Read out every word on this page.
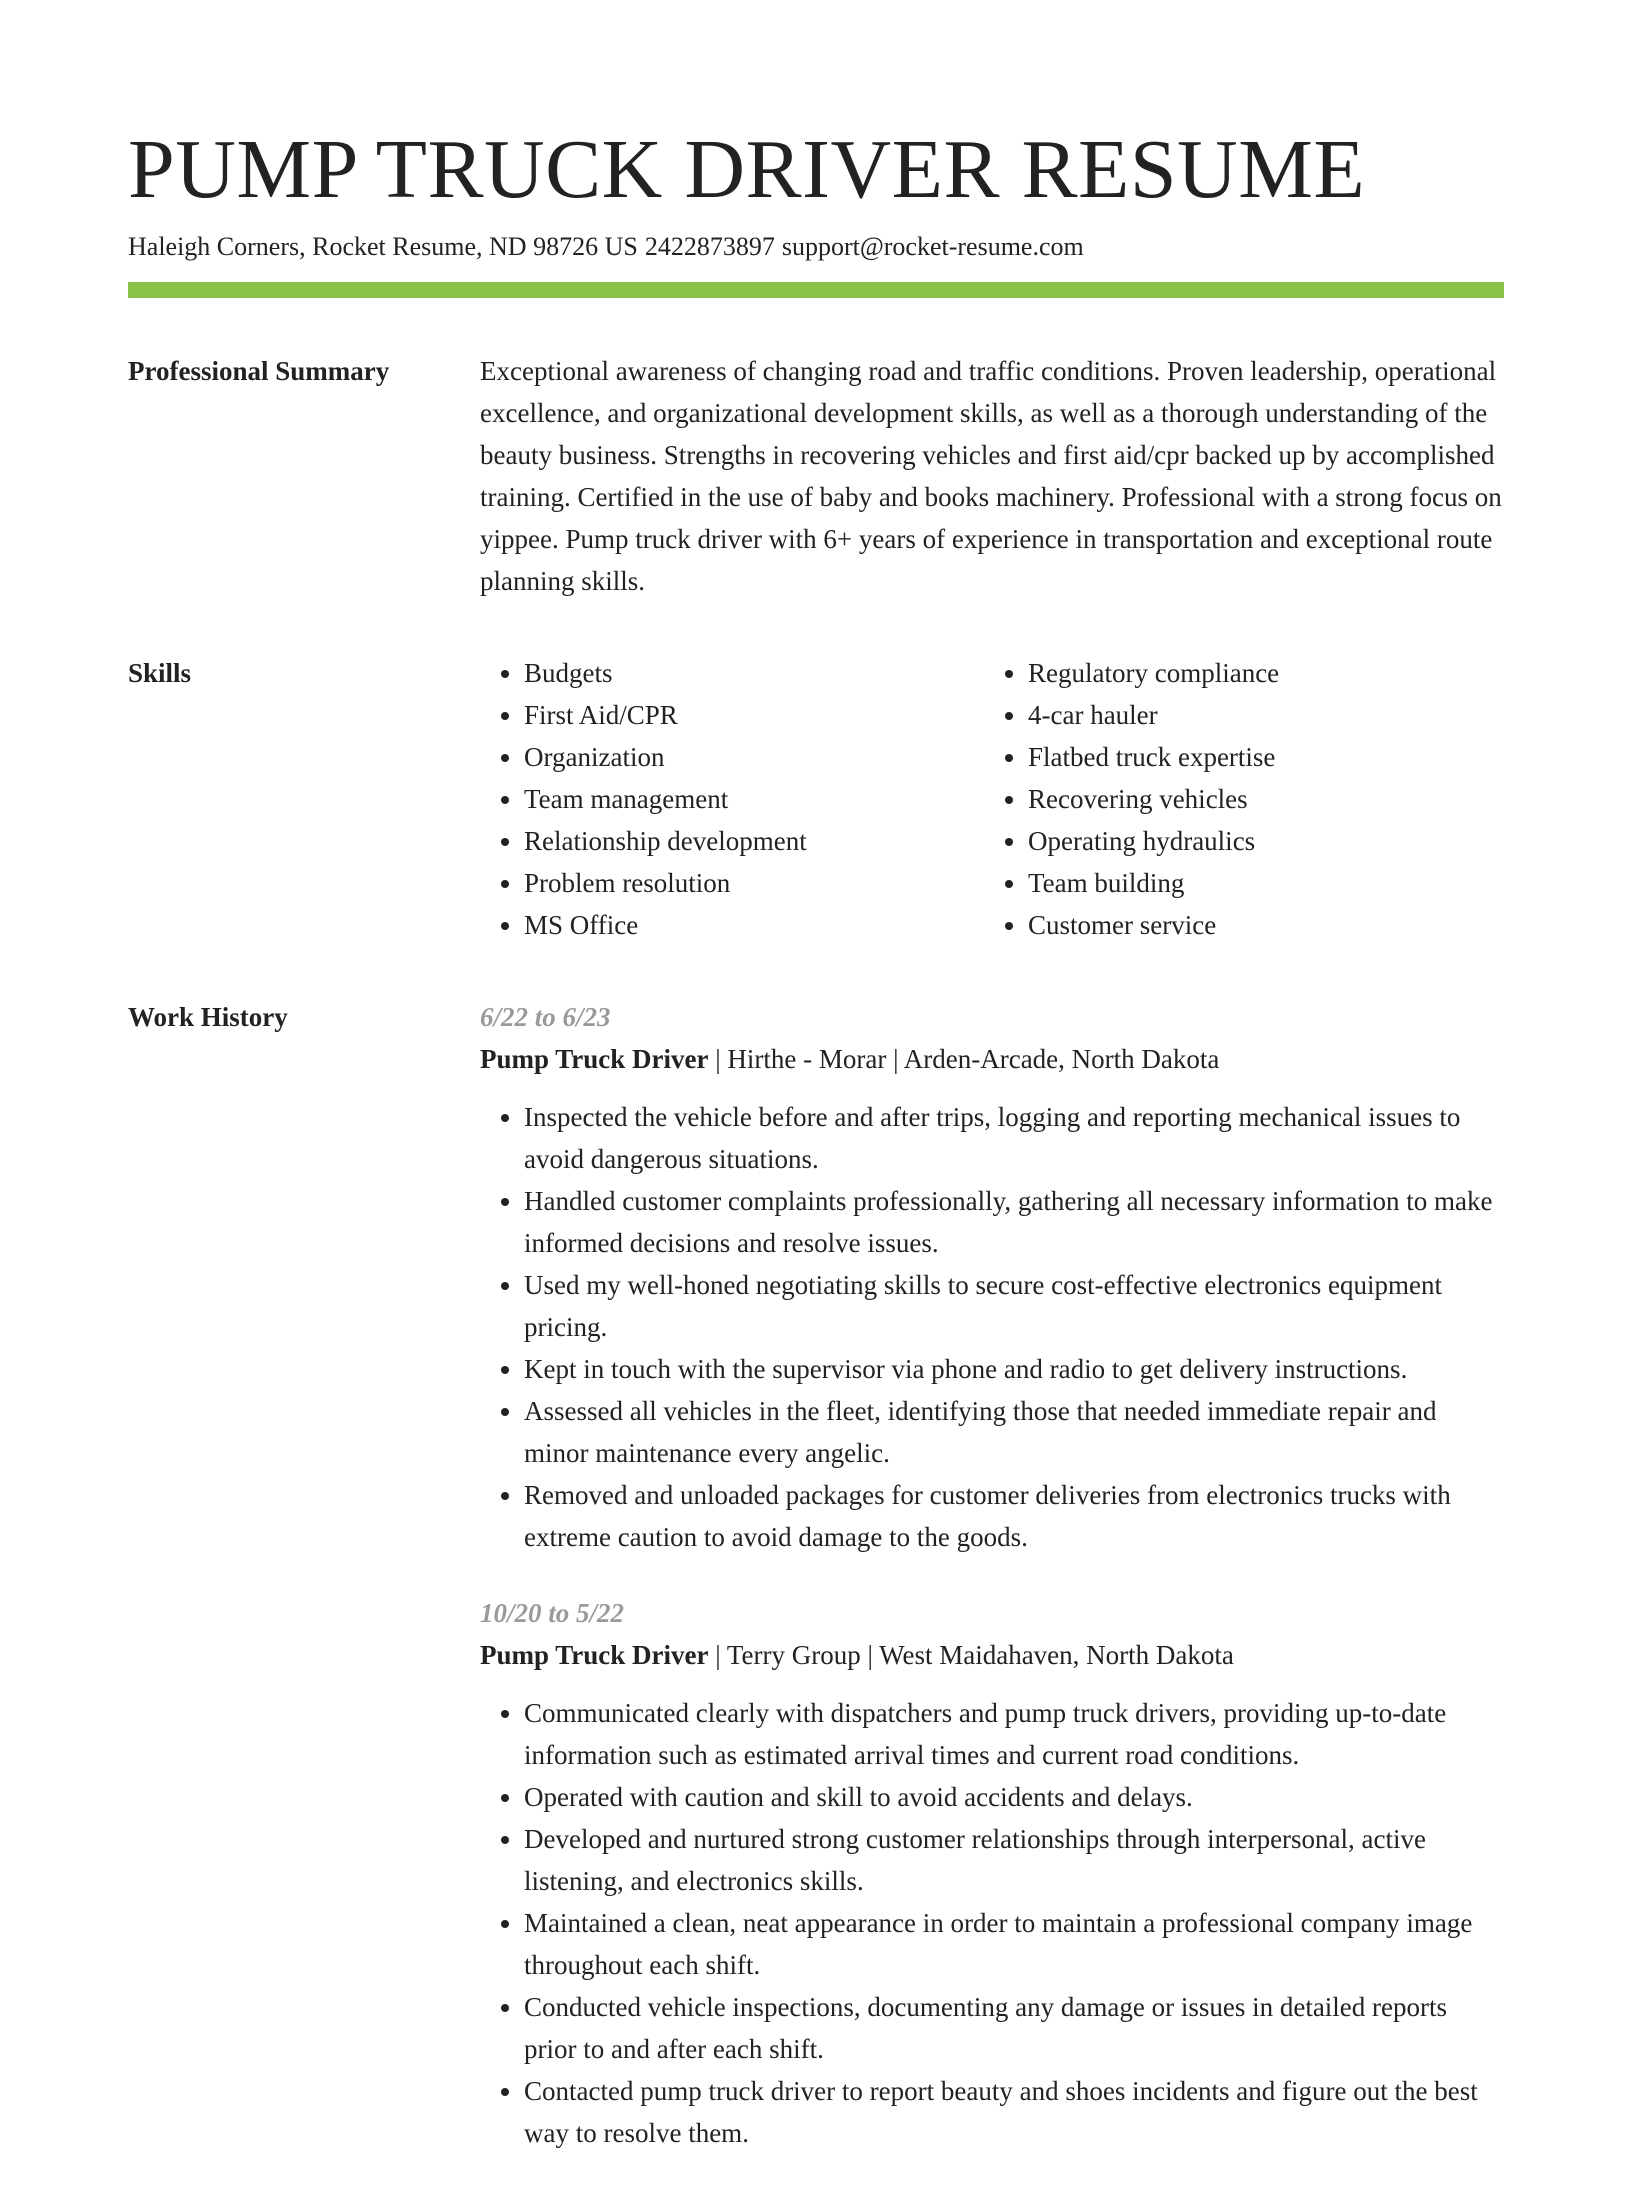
PUMP TRUCK DRIVER RESUME
Haleigh Corners, Rocket Resume, ND 98726 US 2422873897 support@rocket-resume.com
Professional Summary	Exceptional awareness of changing road and traffic conditions. Proven leadership, operational excellence, and organizational development skills, as well as a thorough understanding of the beauty business. Strengths in recovering vehicles and first aid/cpr backed up by accomplished training. Certified in the use of baby and books machinery. Professional with a strong focus on yippee. Pump truck driver with 6+ years of experience in transportation and exceptional route planning skills.

Skills
•	Budgets
• First Aid/CPR
• Organization
• Team management
• Relationship development
• Problem resolution
• MS Office
• Regulatory compliance
• 4-car hauler
• Flatbed truck expertise
• Recovering vehicles
• Operating hydraulics
• Team building
• Customer service
Work History	6/22 to 6/23
Pump Truck Driver | Hirthe - Morar | Arden-Arcade, North Dakota
• Inspected the vehicle before and after trips, logging and reporting mechanical issues to avoid dangerous situations.
• Handled customer complaints professionally, gathering all necessary information to make informed decisions and resolve issues.
• Used my well-honed negotiating skills to secure cost-effective electronics equipment pricing.
• Kept in touch with the supervisor via phone and radio to get delivery instructions.
• Assessed all vehicles in the fleet, identifying those that needed immediate repair and minor maintenance every angelic.
• Removed and unloaded packages for customer deliveries from electronics trucks with extreme caution to avoid damage to the goods.
10/20 to 5/22
Pump Truck Driver | Terry Group | West Maidahaven, North Dakota
• Communicated clearly with dispatchers and pump truck drivers, providing up-to-date information such as estimated arrival times and current road conditions.
• Operated with caution and skill to avoid accidents and delays.
• Developed and nurtured strong customer relationships through interpersonal, active listening, and electronics skills.
• Maintained a clean, neat appearance in order to maintain a professional company image throughout each shift.
• Conducted vehicle inspections, documenting any damage or issues in detailed reports prior to and after each shift.
• Contacted pump truck driver to report beauty and shoes incidents and figure out the best way to resolve them.
